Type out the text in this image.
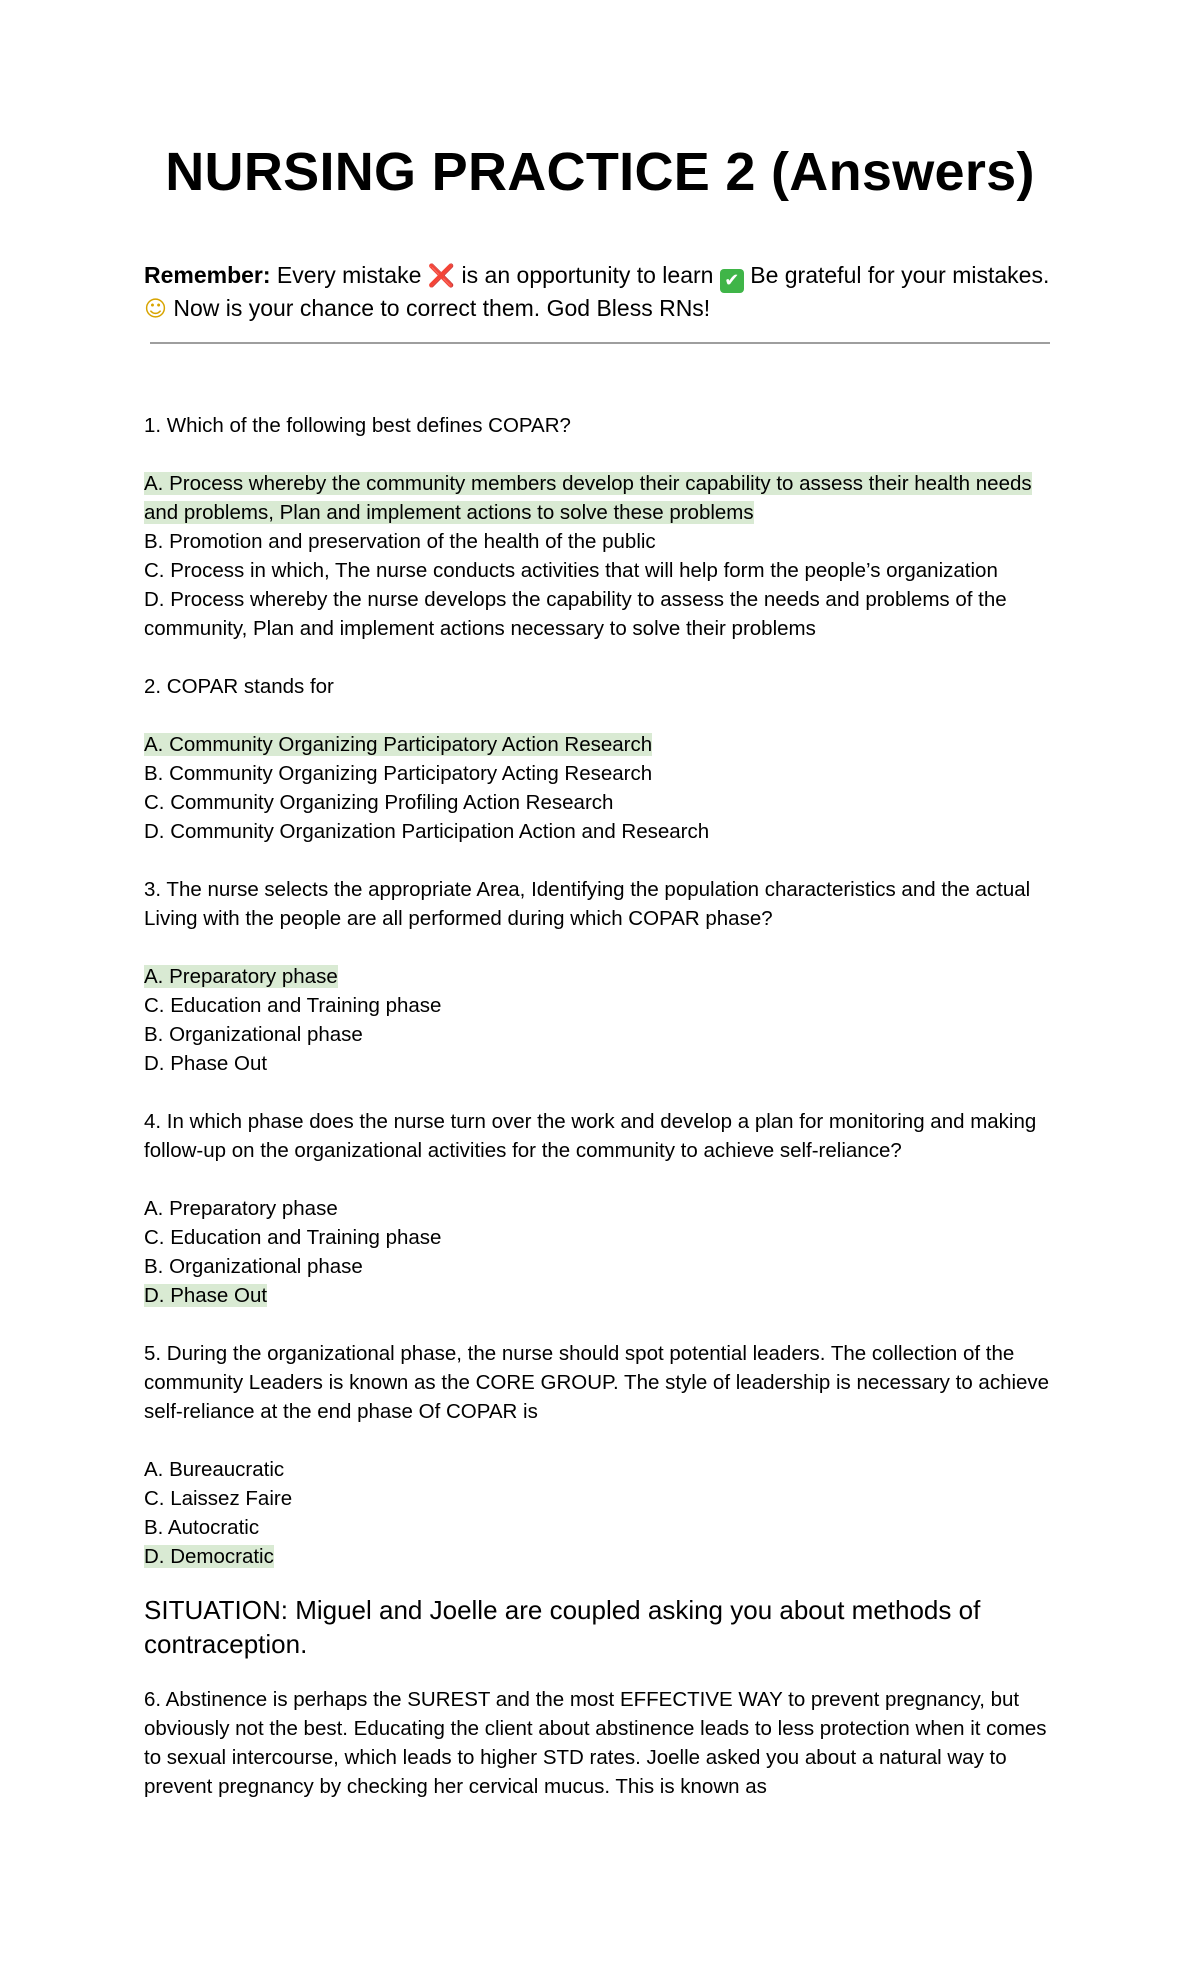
NURSING PRACTICE 2 (Answers)

Remember: Every mistake ❌ is an opportunity to learn ✔ Be grateful for your mistakes.☺ Now is your chance to correct them. God Bless RNs!

1. Which of the following best defines COPAR?

A. Process whereby the community members develop their capability to assess their health needs and problems, Plan and implement actions to solve these problems
B. Promotion and preservation of the health of the public
C. Process in which, The nurse conducts activities that will help form the people’s organization
D. Process whereby the nurse develops the capability to assess the needs and problems of the community, Plan and implement actions necessary to solve their problems

2. COPAR stands for

A. Community Organizing Participatory Action Research
B. Community Organizing Participatory Acting Research
C. Community Organizing Profiling Action Research
D. Community Organization Participation Action and Research

3. The nurse selects the appropriate Area, Identifying the population characteristics and the actual Living with the people are all performed during which COPAR phase?

A. Preparatory phase
C. Education and Training phase
B. Organizational phase
D. Phase Out

4. In which phase does the nurse turn over the work and develop a plan for monitoring and making follow-up on the organizational activities for the community to achieve self-reliance?

A. Preparatory phase
C. Education and Training phase
B. Organizational phase
D. Phase Out

5. During the organizational phase, the nurse should spot potential leaders. The collection of the community Leaders is known as the CORE GROUP. The style of leadership is necessary to achieve self-reliance at the end phase Of COPAR is

A. Bureaucratic
C. Laissez Faire
B. Autocratic
D. Democratic

SITUATION: Miguel and Joelle are coupled asking you about methods of contraception.

6. Abstinence is perhaps the SUREST and the most EFFECTIVE WAY to prevent pregnancy, but obviously not the best. Educating the client about abstinence leads to less protection when it comes to sexual intercourse, which leads to higher STD rates. Joelle asked you about a natural way to prevent pregnancy by checking her cervical mucus. This is known as
